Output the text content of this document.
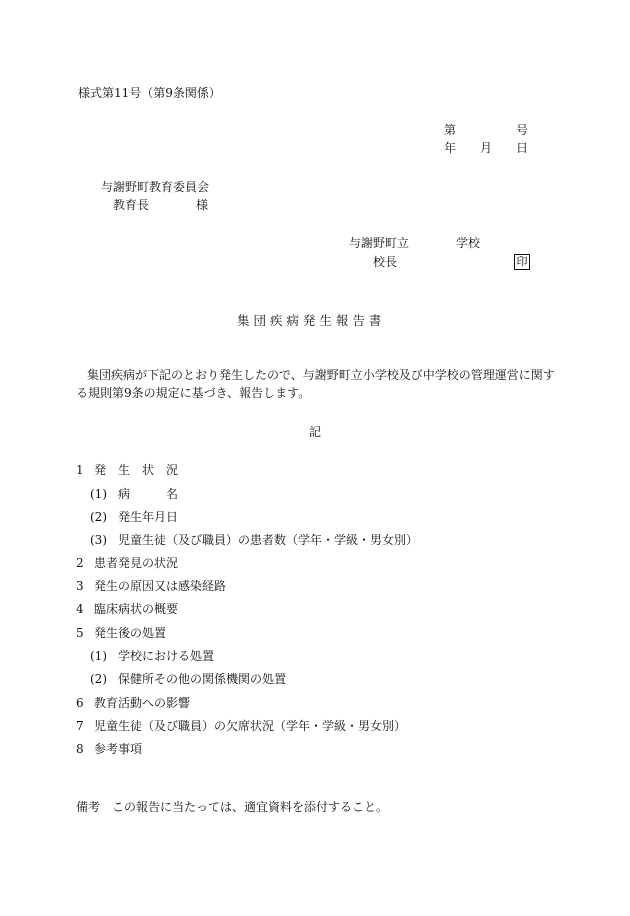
様式第11号（第9条関係）
第	号
年 月 日
与謝野町教育委員会
教育長	様
与謝野町立	学校
校長	印
集 団 疾 病 発 生 報 告 書
集団疾病が下記のとおり発生したので、与謝野町立小学校及び中学校の管理運営に関す
る規則第9条の規定に基づき、報告します。
記
1 発　生　状　況
(1) 病　　　名
(2) 発生年月日
(3) 児童生徒（及び職員）の患者数（学年・学級・男女別）
2 患者発見の状況
3 発生の原因又は感染経路
4 臨床病状の概要
5 発生後の処置
(1) 学校における処置
(2) 保健所その他の関係機関の処置
6 教育活動への影響
7 児童生徒（及び職員）の欠席状況（学年・学級・男女別）
8 参考事項
備考 この報告に当たっては、適宜資料を添付すること。
